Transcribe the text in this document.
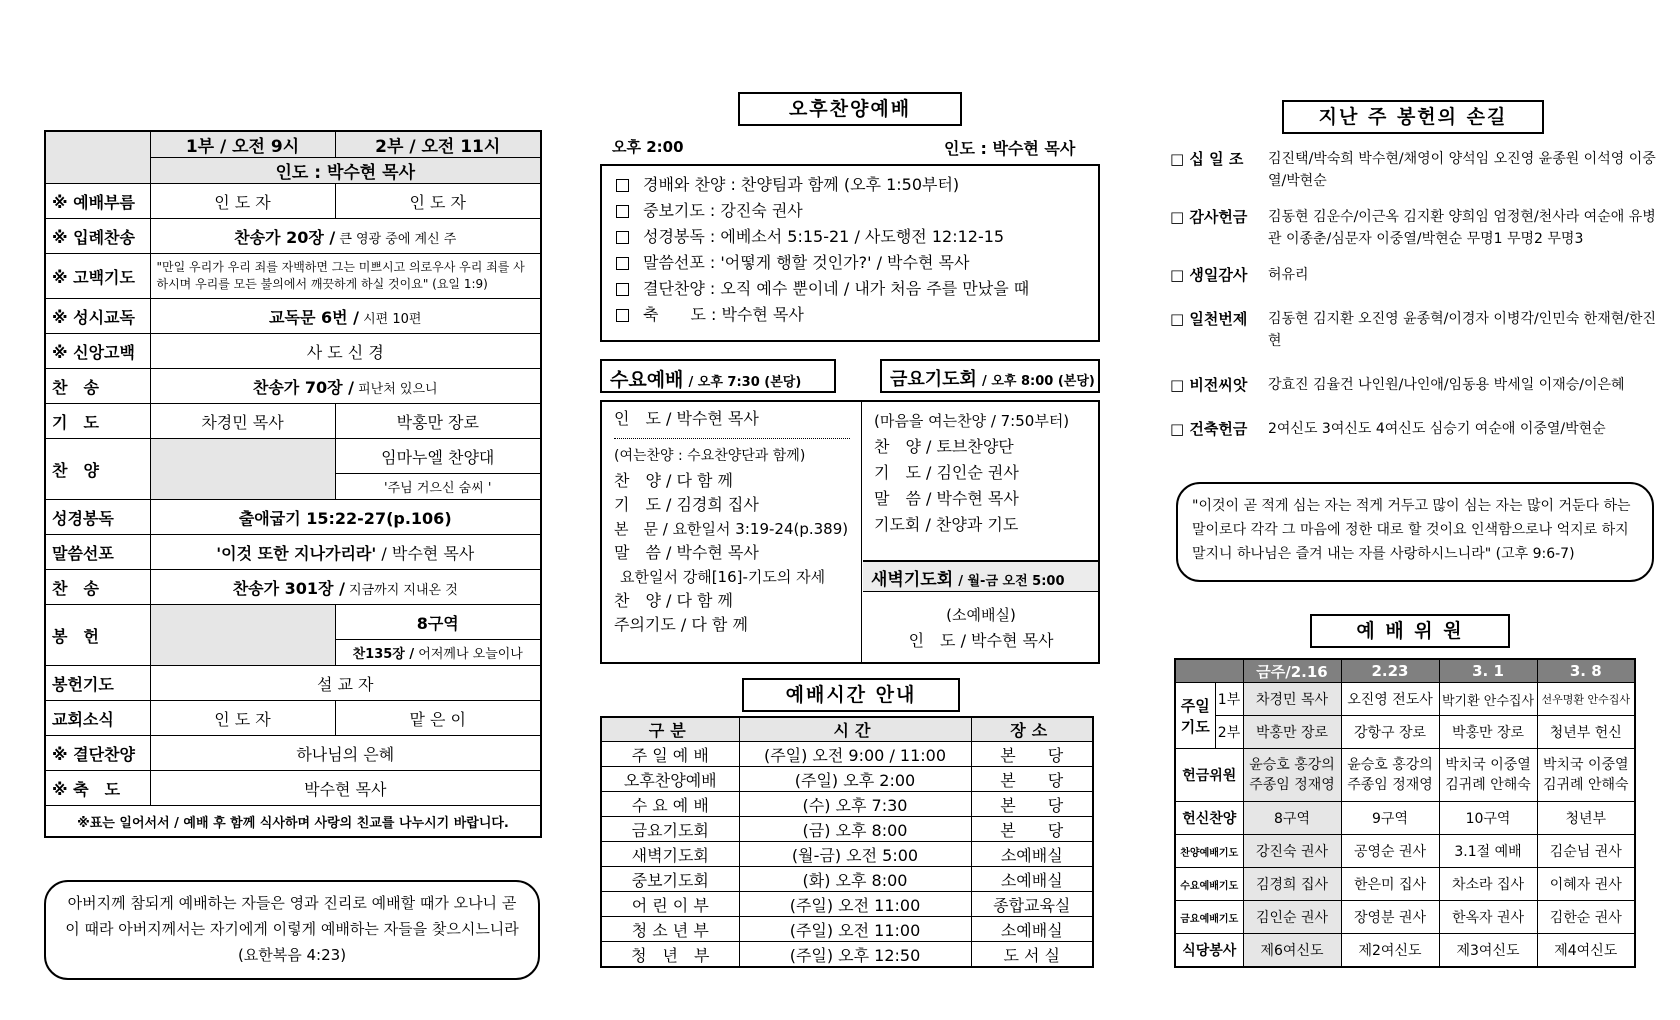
	1부 / 오전 9시	2부 / 오전 11시
	인도 : 박수현 목사	
※ 예배부름	인 도 자	인 도 자
※ 입례찬송	찬송가 20장 / 큰 영광 중에 계신 주	
※ 고백기도	"만일 우리가 우리 죄를 자백하면 그는 미쁘시고 의로우사 우리 죄를 사하시며 우리를 모든 불의에서 깨끗하게 하실 것이요" (요일 1:9)	
※ 성시교독	교독문 6번 / 시편 10편	
※ 신앙고백	사 도 신 경	
찬　송	찬송가 70장 / 피난처 있으니	
기　도	차경민 목사	박홍만 장로
찬　양		임마누엘 찬양대
		'주님 거으신 숨씨 '
성경봉독	출애굽기 15:22-27(p.106)	
말씀선포	'이것 또한 지나가리라' / 박수현 목사	
찬　송	찬송가 301장 / 지금까지 지내온 것	
봉　헌		8구역
		찬135장 / 어저께나 오늘이나
봉헌기도	설 교 자	
교회소식	인 도 자	맡 은 이
※ 결단찬양	하나님의 은혜	
※ 축　도	박수현 목사	
※표는 일어서서 / 예배 후 함께 식사하며 사랑의 친교를 나누시기 바랍니다.		
아버지께 참되게 예배하는 자들은 영과 진리로 예배할 때가 오나니 곧 이 때라 아버지께서는 자기에게 이렇게 예배하는 자들을 찾으시느니라 (요한복음 4:23)
오후찬양예배
오후 2:00	인도 : 박수현 목사
경배와 찬양 : 찬양팀과 함께 (오후 1:50부터)
중보기도 : 강진숙 권사
성경봉독 : 에베소서 5:15-21 / 사도행전 12:12-15
말씀선포 : '어떻게 행할 것인가?' / 박수현 목사
결단찬양 : 오직 예수 뿐이네 / 내가 처음 주를 만났을 때
축　　도 : 박수현 목사
수요예배 / 오후 7:30 (본당)	금요기도회 / 오후 8:00 (본당)
인　도 / 박수현 목사
(여는찬양 : 수요찬양단과 함께)
찬　양 / 다 함 께
기　도 / 김경희 집사
본　문 / 요한일서 3:19-24(p.389)
말　씀 / 박수현 목사
요한일서 강해[16]-기도의 자세
찬　양 / 다 함 께
주의기도 / 다 함 께
(마음을 여는찬양 / 7:50부터)
찬　양 / 토브찬양단
기　도 / 김인순 권사
말　씀 / 박수현 목사
기도회 / 찬양과 기도
새벽기도회 / 월-금 오전 5:00
(소예배실)
인　도 / 박수현 목사
예배시간 안내
구분	시간	장소
주 일 예 배	(주일) 오전 9:00 / 11:00	본　　당
오후찬양예배	(주일) 오후 2:00	본　　당
수 요 예 배	(수) 오후 7:30	본　　당
금요기도회	(금) 오후 8:00	본　　당
새벽기도회	(월-금) 오전 5:00	소예배실
중보기도회	(화) 오후 8:00	소예배실
어 린 이 부	(주일) 오전 11:00	종합교육실
청 소 년 부	(주일) 오전 11:00	소예배실
청　년　부	(주일) 오후 12:50	도 서 실
지난 주 봉헌의 손길
□ 십 일 조 김진택/박숙희 박수현/채영이 양석임 오진영 윤종원 이석영 이중열/박현순
□ 감사헌금 김동현 김운수/이근옥 김지환 양희임 엄정현/천사라 여순애 유병관 이종춘/심문자 이중열/박현순 무명1 무명2 무명3
□ 생일감사 허유리
□ 일천번제 김동현 김지환 오진영 윤종혁/이경자 이병각/인민숙 한재현/한진현
□ 비전씨앗 강효진 김율건 나인원/나인애/임동용 박세일 이재승/이은혜
□ 건축헌금 2여신도 3여신도 4여신도 심승기 여순애 이중열/박현순
"이것이 곧 적게 심는 자는 적게 거두고 많이 심는 자는 많이 거둔다 하는 말이로다 각각 그 마음에 정한 대로 할 것이요 인색함으로나 억지로 하지 말지니 하나님은 즐겨 내는 자를 사랑하시느니라" (고후 9:6-7)
예 배 위 원
		금주/2.16	2.23	3. 1	3. 8
주일기도	1부	차경민 목사	오진영 전도사	박기환 안수집사	선우명환 안수집사
	2부	박홍만 장로	강항구 장로	박홍만 장로	청년부 헌신
헌금위원		윤승호 홍강의 주종임 정재영	윤승호 홍강의 주종임 정재영	박치국 이중열 김귀례 안해숙	박치국 이중열 김귀례 안해숙
헌신찬양		8구역	9구역	10구역	청년부
찬양예배기도		강진숙 권사	공영순 권사	3.1절 예배	김순님 권사
수요예배기도		김경희 집사	한은미 집사	차소라 집사	이혜자 권사
금요예배기도		김인순 권사	장영분 권사	한옥자 권사	김한순 권사
식당봉사		제6여신도	제2여신도	제3여신도	제4여신도
